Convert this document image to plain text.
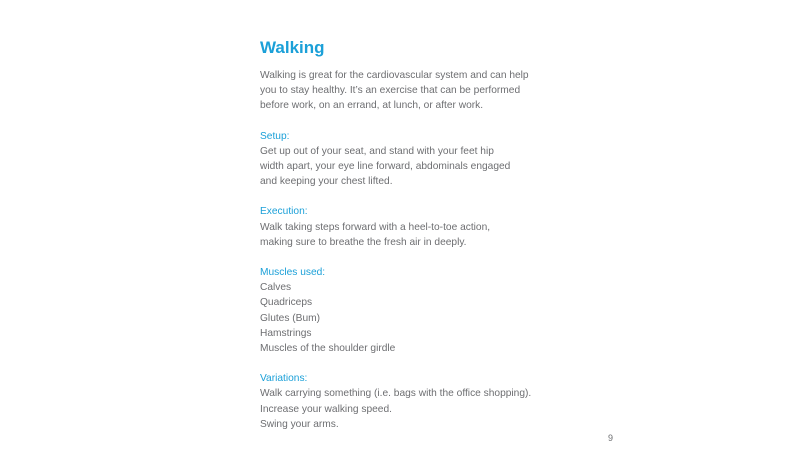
Walking
Walking is great for the cardiovascular system and can help
you to stay healthy. It’s an exercise that can be performed
before work, on an errand, at lunch, or after work.
Setup:
Get up out of your seat, and stand with your feet hip
width apart, your eye line forward, abdominals engaged
and keeping your chest lifted.
Execution:
Walk taking steps forward with a heel-to-toe action,
making sure to breathe the fresh air in deeply.
Muscles used:
Calves
Quadriceps
Glutes (Bum)
Hamstrings
Muscles of the shoulder girdle
Variations:
Walk carrying something (i.e. bags with the office shopping).
Increase your walking speed.
Swing your arms.
9
